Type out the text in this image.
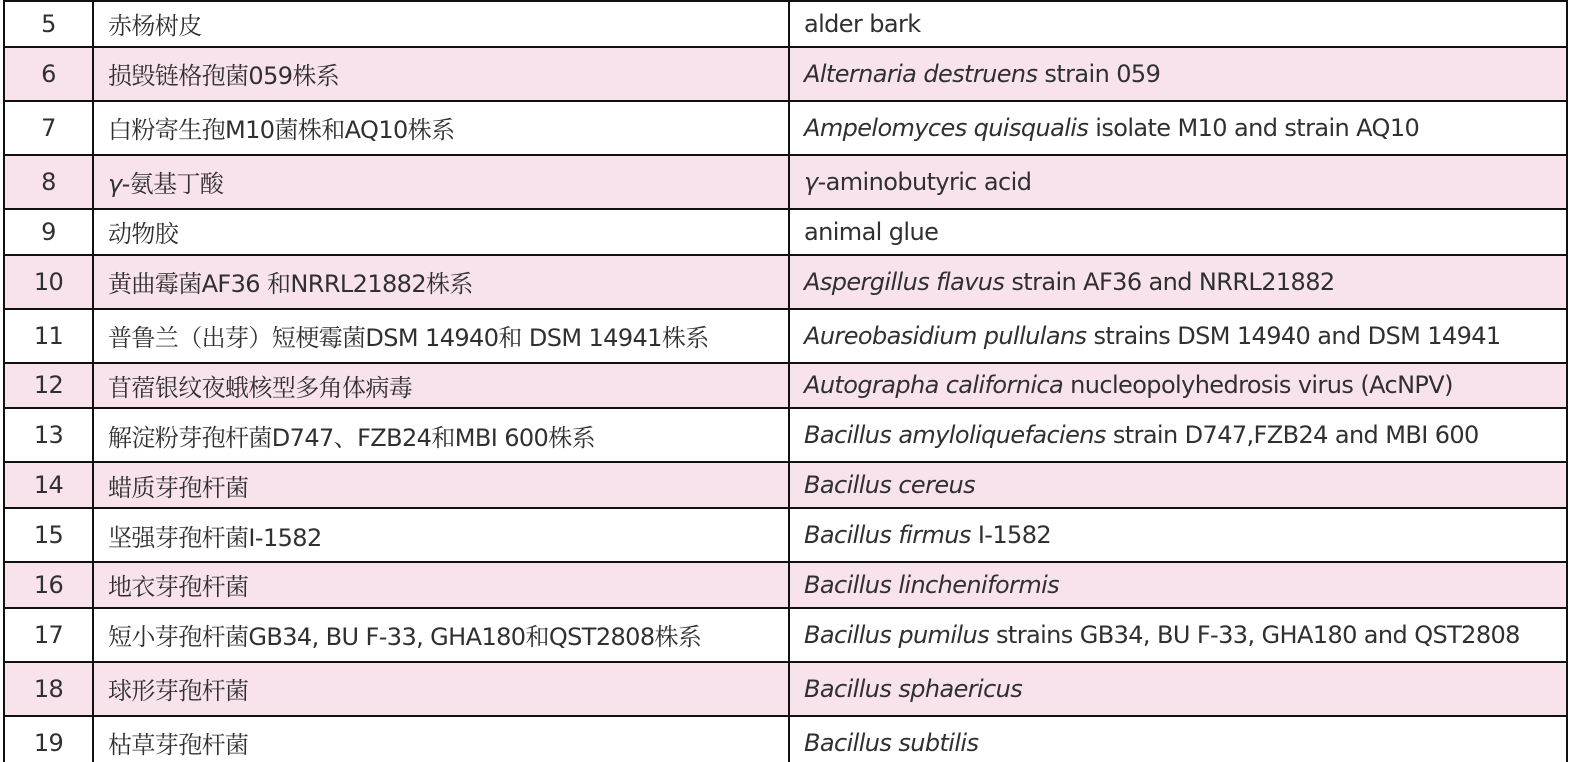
5	赤杨树皮	alder bark
6	损毁链格孢菌059株系	Alternaria destruens strain 059
7	白粉寄生孢M10菌株和AQ10株系	Ampelomyces quisqualis isolate M10 and strain AQ10
8	γ-氨基丁酸	γ-aminobutyric acid
9	动物胶	animal glue
10	黄曲霉菌AF36 和NRRL21882株系	Aspergillus flavus strain AF36 and NRRL21882
11	普鲁兰（出芽）短梗霉菌DSM 14940和 DSM 14941株系	Aureobasidium pullulans strains DSM 14940 and DSM 14941
12	苜蓿银纹夜蛾核型多角体病毒	Autographa californica nucleopolyhedrosis virus (AcNPV)
13	解淀粉芽孢杆菌D747、FZB24和MBI 600株系	Bacillus amyloliquefaciens strain D747,FZB24 and MBI 600
14	蜡质芽孢杆菌	Bacillus cereus
15	坚强芽孢杆菌I-1582	Bacillus firmus I-1582
16	地衣芽孢杆菌	Bacillus lincheniformis
17	短小芽孢杆菌GB34, BU F-33, GHA180和QST2808株系	Bacillus pumilus strains GB34, BU F-33, GHA180 and QST2808
18	球形芽孢杆菌	Bacillus sphaericus
19	枯草芽孢杆菌	Bacillus subtilis
